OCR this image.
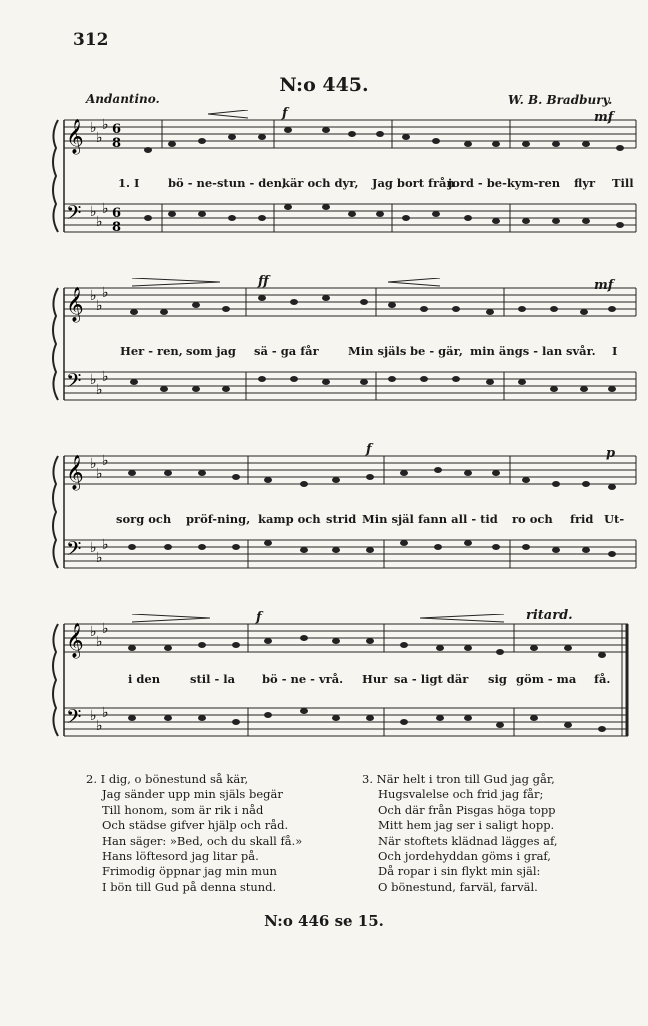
312
N:o 445.
Andantino.	W. B. Bradbury.
𝄞
𝄢
♭
♭
♭
♭
♭
♭
6
8
6
8
mf
f
1. I bö - ne-stun - den,
kär och dyr, Jag bort från
jord - be-kym-ren flyr Till
𝄞
𝄢
♭
♭
♭
♭
♭
♭
ff	mf
Her - ren, som jag sä - ga får	Min själs be - gär, min ängs - lan svår. I
𝄞
𝄢
♭
♭
♭
♭
♭
♭
f	p
sorg och pröf-ning, kamp och strid Min själ fann all - tid ro och frid Ut-
𝄞
𝄢
♭
♭
♭
♭
♭
♭
f	ritard.
i den	stil - la bö - ne - vrå. Hur sa - ligt där sig göm - ma få.
2. I dig, o bönestund så kär,
Jag sänder upp min själs begär
Till honom, som är rik i nåd
Och städse gifver hjälp och råd.
Han säger: »Bed, och du skall få.»
Hans löftesord jag litar på.
Frimodig öppnar jag min mun
I bön till Gud på denna stund.
3. När helt i tron till Gud jag går,
Hugsvalelse och frid jag får;
Och där från Pisgas höga topp
Mitt hem jag ser i saligt hopp.
När stoftets klädnad lägges af,
Och jordehyddan göms i graf,
Då ropar i sin flykt min själ:
O bönestund, farväl, farväl.
N:o 446 se 15.
